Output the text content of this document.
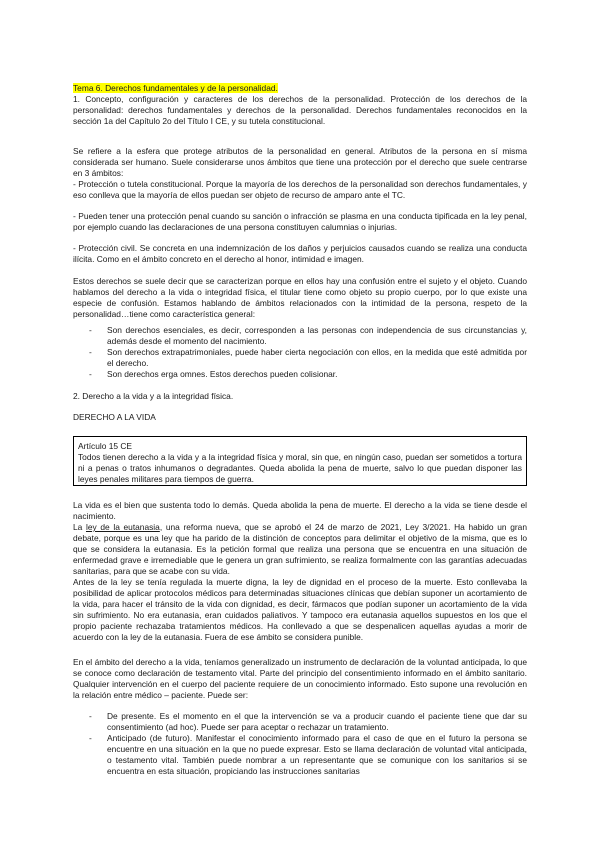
Tema 6. Derechos fundamentales y de la personalidad.

1. Concepto, configuración y caracteres de los derechos de la personalidad. Protección de los derechos de la personalidad: derechos fundamentales y derechos de la personalidad. Derechos fundamentales reconocidos en la sección 1a del Capítulo 2o del Título I CE, y su tutela constitucional.

Se refiere a la esfera que protege atributos de la personalidad en general. Atributos de la persona en sí misma considerada ser humano. Suele considerarse unos ámbitos que tiene una protección por el derecho que suele centrarse en 3 ámbitos:

- Protección o tutela constitucional. Porque la mayoría de los derechos de la personalidad son derechos fundamentales, y eso conlleva que la mayoría de ellos puedan ser objeto de recurso de amparo ante el TC.

- Pueden tener una protección penal cuando su sanción o infracción se plasma en una conducta tipificada en la ley penal, por ejemplo cuando las declaraciones de una persona constituyen calumnias o injurias.

- Protección civil. Se concreta en una indemnización de los daños y perjuicios causados cuando se realiza una conducta ilícita. Como en el ámbito concreto en el derecho al honor, intimidad e imagen.

Estos derechos se suele decir que se caracterizan porque en ellos hay una confusión entre el sujeto y el objeto. Cuando hablamos del derecho a la vida o integridad física, el titular tiene como objeto su propio cuerpo, por lo que existe una especie de confusión. Estamos hablando de ámbitos relacionados con la intimidad de la persona, respeto de la personalidad…tiene como característica general:

- Son derechos esenciales, es decir, corresponden a las personas con independencia de sus circunstancias y, además desde el momento del nacimiento.
- Son derechos extrapatrimoniales, puede haber cierta negociación con ellos, en la medida que esté admitida por el derecho.
- Son derechos erga omnes. Estos derechos pueden colisionar.

2. Derecho a la vida y a la integridad física.

DERECHO A LA VIDA

Artículo 15 CE

Todos tienen derecho a la vida y a la integridad física y moral, sin que, en ningún caso, puedan ser sometidos a tortura ni a penas o tratos inhumanos o degradantes. Queda abolida la pena de muerte, salvo lo que puedan disponer las leyes penales militares para tiempos de guerra.

La vida es el bien que sustenta todo lo demás. Queda abolida la pena de muerte. El derecho a la vida se tiene desde el nacimiento.

La ley de la eutanasia, una reforma nueva, que se aprobó el 24 de marzo de 2021, Ley 3/2021. Ha habido un gran debate, porque es una ley que ha parido de la distinción de conceptos para delimitar el objetivo de la misma, que es lo que se considera la eutanasia. Es la petición formal que realiza una persona que se encuentra en una situación de enfermedad grave e irremediable que le genera un gran sufrimiento, se realiza formalmente con las garantías adecuadas sanitarias, para que se acabe con su vida.

Antes de la ley se tenía regulada la muerte digna, la ley de dignidad en el proceso de la muerte. Esto conllevaba la posibilidad de aplicar protocolos médicos para determinadas situaciones clínicas que debían suponer un acortamiento de la vida, para hacer el tránsito de la vida con dignidad, es decir, fármacos que podían suponer un acortamiento de la vida sin sufrimiento. No era eutanasia, eran cuidados paliativos. Y tampoco era eutanasia aquellos supuestos en los que el propio paciente rechazaba tratamientos médicos. Ha conllevado a que se despenalicen aquellas ayudas a morir de acuerdo con la ley de la eutanasia. Fuera de ese ámbito se considera punible.

En el ámbito del derecho a la vida, teníamos generalizado un instrumento de declaración de la voluntad anticipada, lo que se conoce como declaración de testamento vital. Parte del principio del consentimiento informado en el ámbito sanitario. Qualquier intervención en el cuerpo del paciente requiere de un conocimiento informado. Esto supone una revolución en la relación entre médico – paciente. Puede ser:

- De presente. Es el momento en el que la intervención se va a producir cuando el paciente tiene que dar su consentimiento (ad hoc). Puede ser para aceptar o rechazar un tratamiento.
- Anticipado (de futuro). Manifestar el conocimiento informado para el caso de que en el futuro la persona se encuentre en una situación en la que no puede expresar. Esto se llama declaración de voluntad vital anticipada, o testamento vital. También puede nombrar a un representante que se comunique con los sanitarios si se encuentra en esta situación, propiciando las instrucciones sanitarias
